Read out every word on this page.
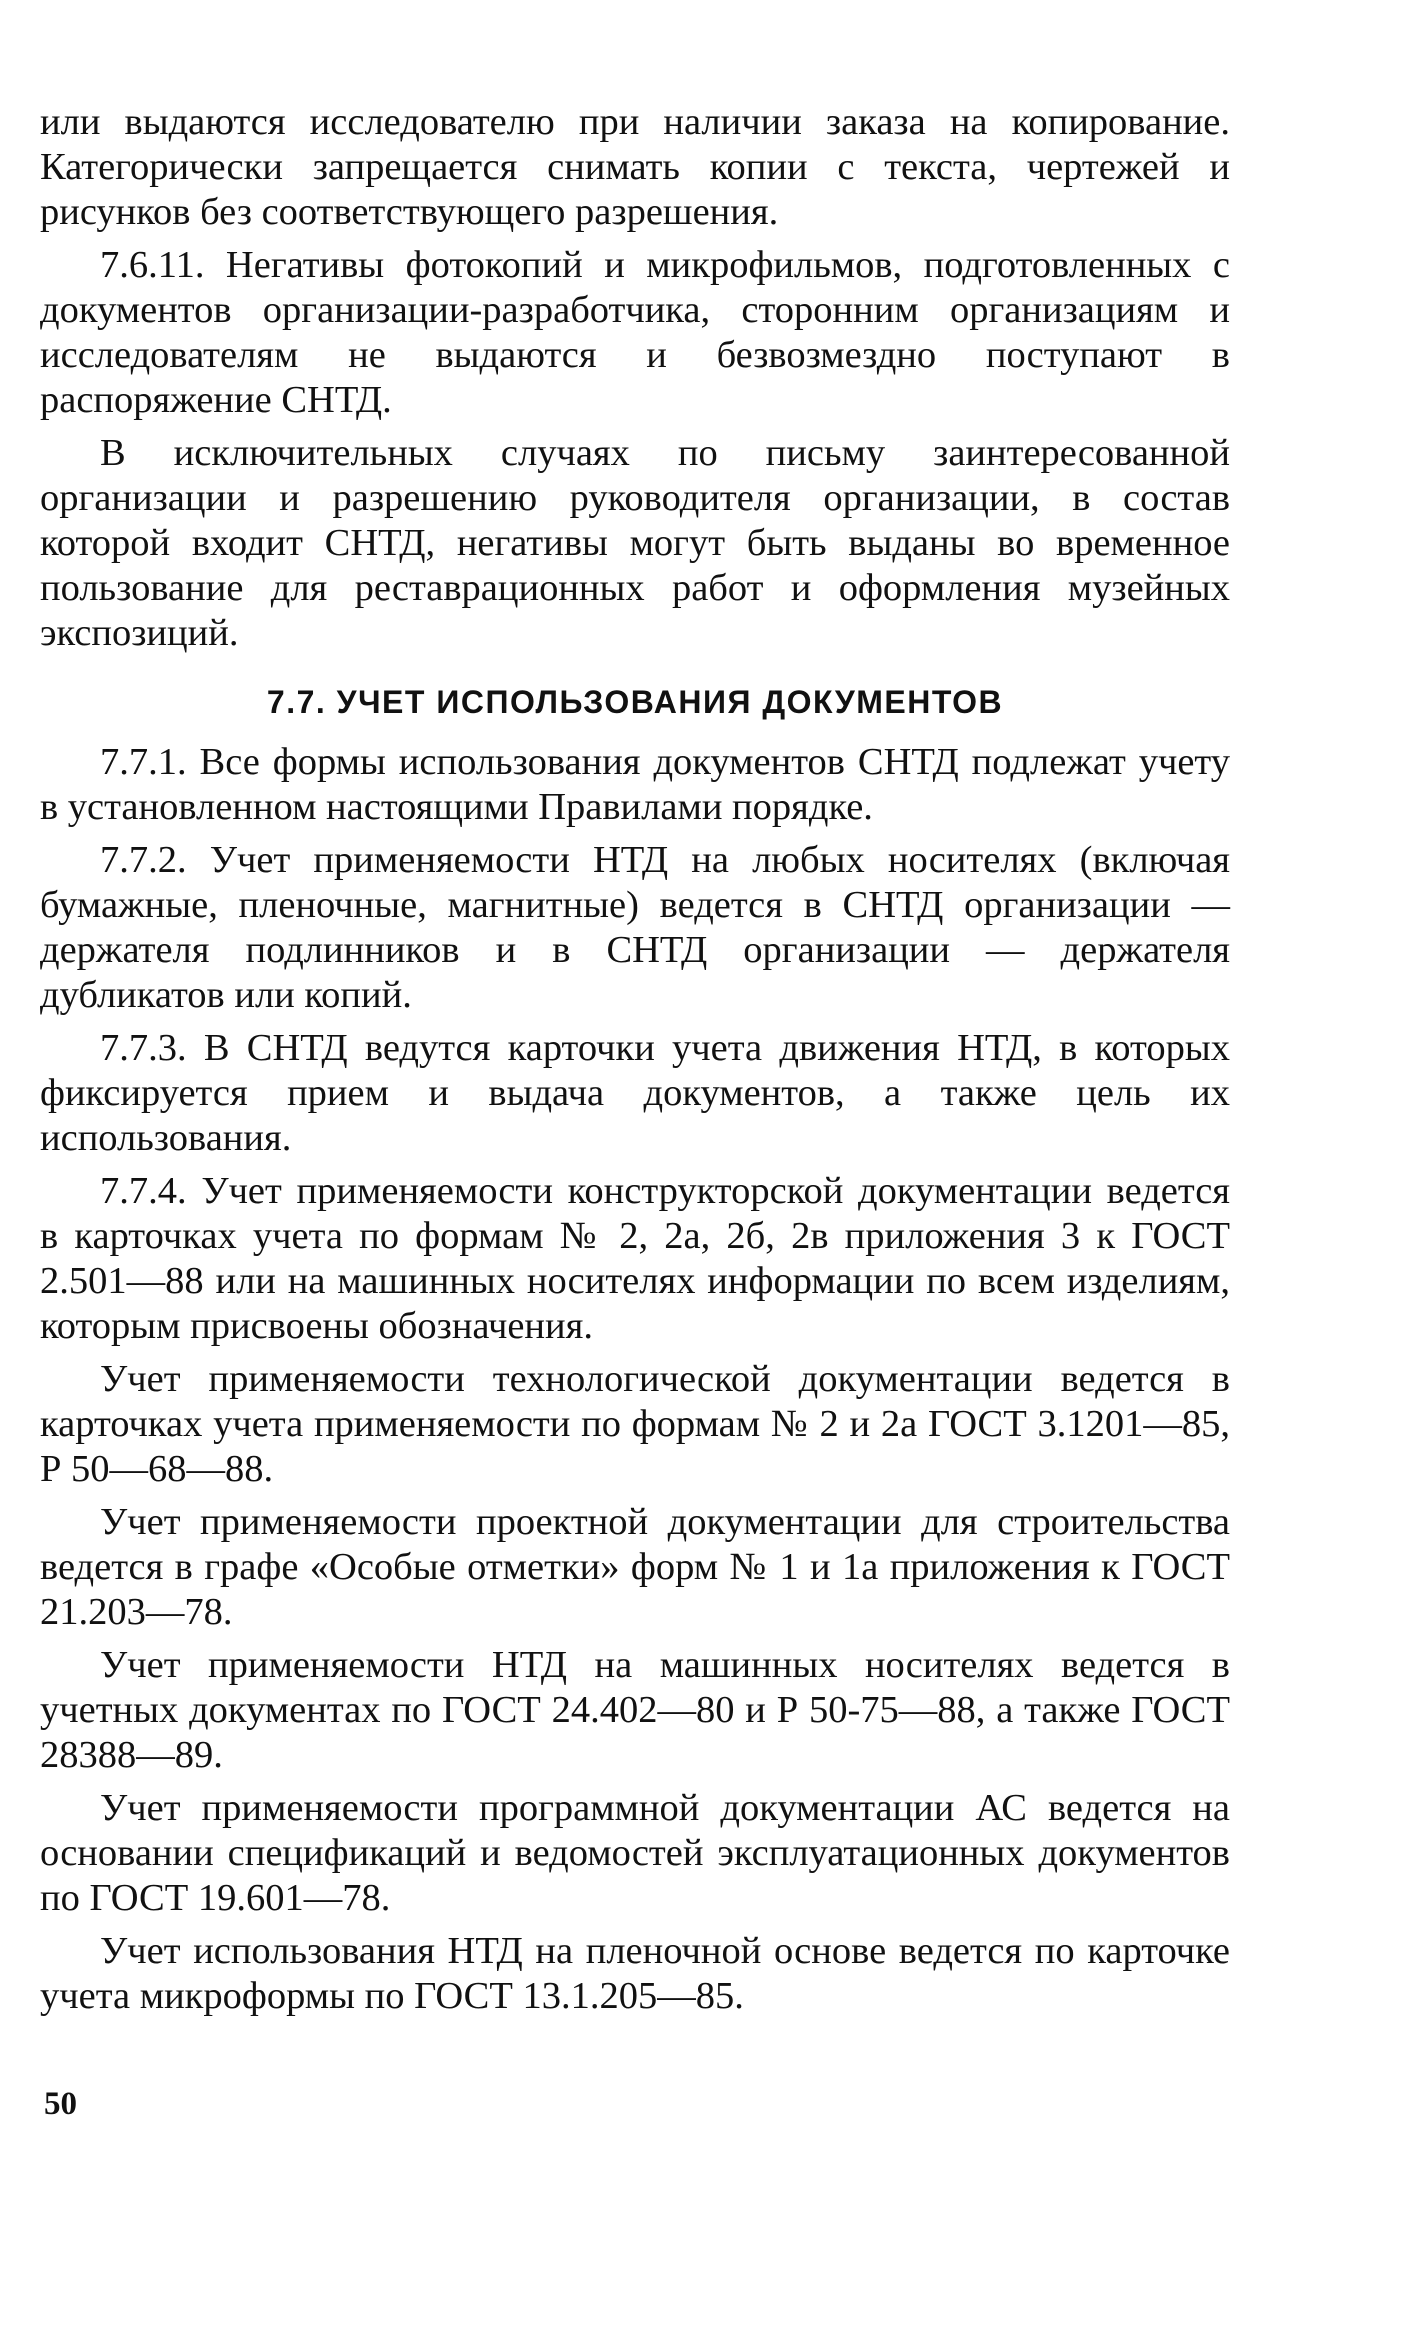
или выдаются исследователю при наличии заказа на копирование. Категорически запрещается снимать копии с текста, чертежей и рисунков без соответствующего разрешения.

7.6.11. Негативы фотокопий и микрофильмов, подготовленных с документов организации-разработчика, сторонним организациям и исследователям не выдаются и безвозмездно поступают в распоряжение СНТД.

В исключительных случаях по письму заинтересованной организации и разрешению руководителя организации, в состав которой входит СНТД, негативы могут быть выданы во временное пользование для реставрационных работ и оформления музейных экспозиций.

7.7. УЧЕТ ИСПОЛЬЗОВАНИЯ ДОКУМЕНТОВ

7.7.1. Все формы использования документов СНТД подлежат учету в установленном настоящими Правилами порядке.

7.7.2. Учет применяемости НТД на любых носителях (включая бумажные, пленочные, магнитные) ведется в СНТД организации — держателя подлинников и в СНТД организации — держателя дубликатов или копий.

7.7.3. В СНТД ведутся карточки учета движения НТД, в которых фиксируется прием и выдача документов, а также цель их использования.

7.7.4. Учет применяемости конструкторской документации ведется в карточках учета по формам № 2, 2а, 2б, 2в приложения 3 к ГОСТ 2.501—88 или на машинных носителях информации по всем изделиям, которым присвоены обозначения.

Учет применяемости технологической документации ведется в карточках учета применяемости по формам № 2 и 2а ГОСТ 3.1201—85, Р 50—68—88.

Учет применяемости проектной документации для строительства ведется в графе «Особые отметки» форм № 1 и 1а приложения к ГОСТ 21.203—78.

Учет применяемости НТД на машинных носителях ведется в учетных документах по ГОСТ 24.402—80 и Р 50-75—88, а также ГОСТ 28388—89.

Учет применяемости программной документации АС ведется на основании спецификаций и ведомостей эксплуатационных документов по ГОСТ 19.601—78.

Учет использования НТД на пленочной основе ведется по карточке учета микроформы по ГОСТ 13.1.205—85.

50
